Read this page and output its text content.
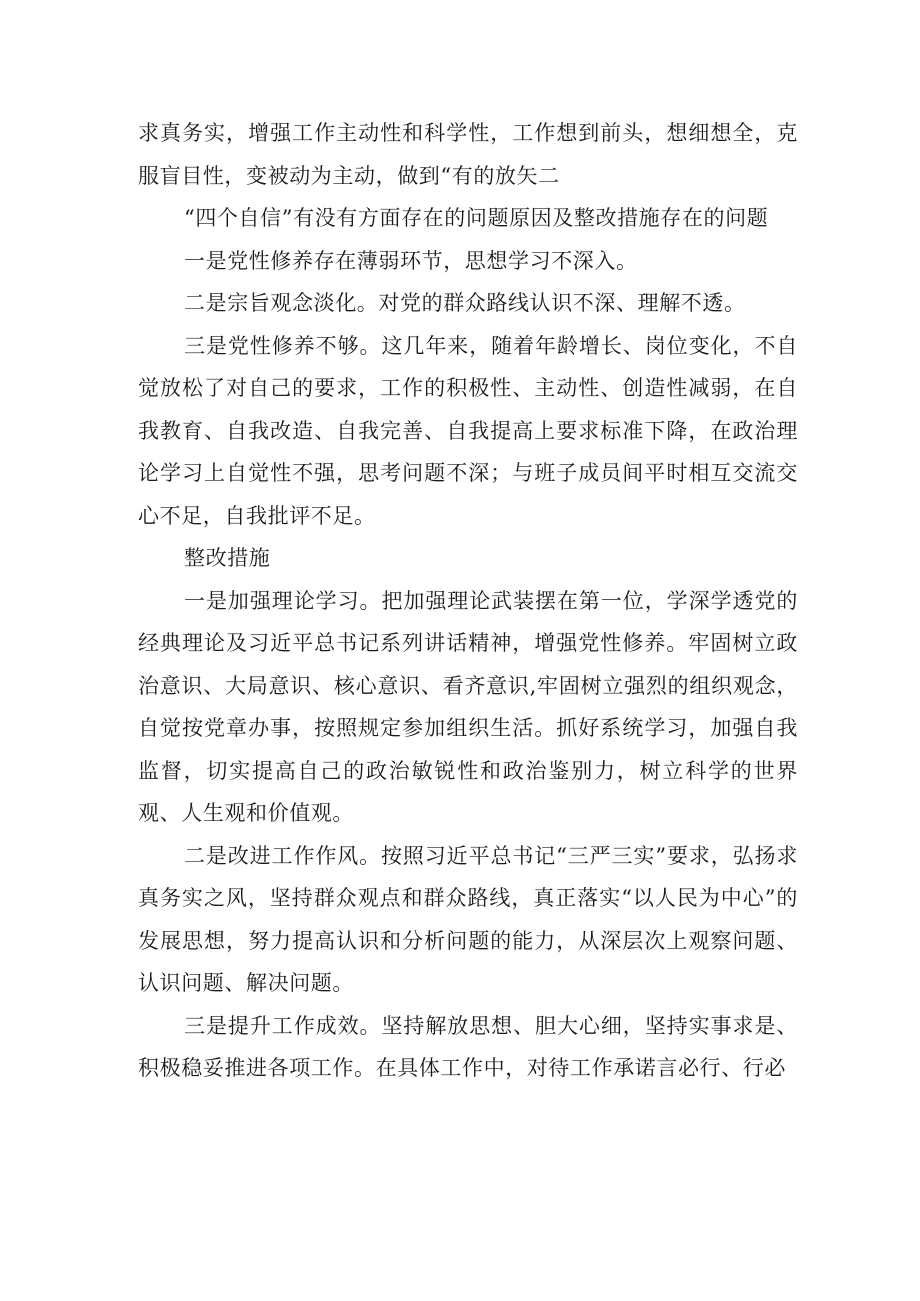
求真务实，增强工作主动性和科学性，工作想到前头，想细想全，克服盲目性，变被动为主动，做到“有的放矢二

“四个自信”有没有方面存在的问题原因及整改措施存在的问题

一是党性修养存在薄弱环节，思想学习不深入。

二是宗旨观念淡化。对党的群众路线认识不深、理解不透。

三是党性修养不够。这几年来，随着年龄增长、岗位变化，不自觉放松了对自己的要求，工作的积极性、主动性、创造性减弱，在自我教育、自我改造、自我完善、自我提高上要求标准下降，在政治理论学习上自觉性不强，思考问题不深；与班子成员间平时相互交流交心不足，自我批评不足。

整改措施

一是加强理论学习。把加强理论武装摆在第一位，学深学透党的经典理论及习近平总书记系列讲话精神，增强党性修养。牢固树立政治意识、大局意识、核心意识、看齐意识,牢固树立强烈的组织观念，自觉按党章办事，按照规定参加组织生活。抓好系统学习，加强自我监督，切实提高自己的政治敏锐性和政治鉴别力，树立科学的世界观、人生观和价值观。

二是改进工作作风。按照习近平总书记“三严三实”要求，弘扬求真务实之风，坚持群众观点和群众路线，真正落实“以人民为中心”的发展思想，努力提高认识和分析问题的能力，从深层次上观察问题、认识问题、解决问题。

三是提升工作成效。坚持解放思想、胆大心细，坚持实事求是、积极稳妥推进各项工作。在具体工作中，对待工作承诺言必行、行必
